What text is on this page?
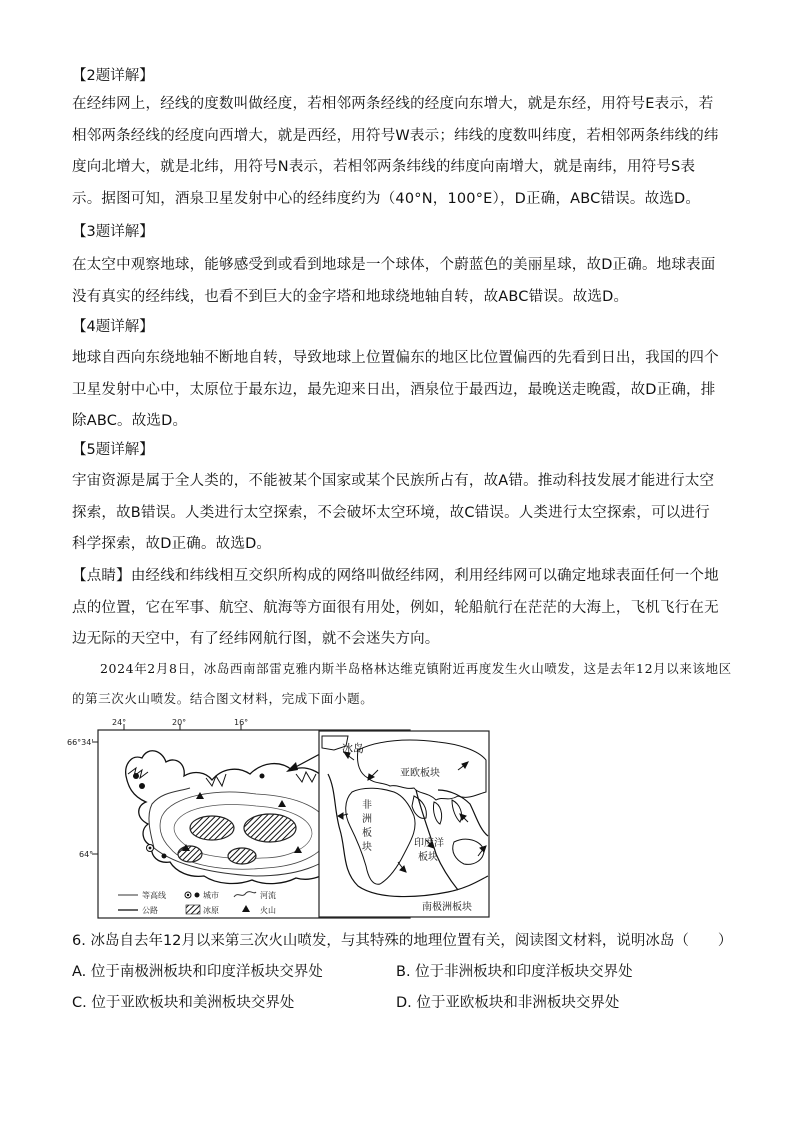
【2题详解】
在经纬网上，经线的度数叫做经度，若相邻两条经线的经度向东增大，就是东经，用符号E表示，若相邻两条经线的经度向西增大，就是西经，用符号W表示；纬线的度数叫纬度，若相邻两条纬线的纬度向北增大，就是北纬，用符号N表示，若相邻两条纬线的纬度向南增大，就是南纬，用符号S表示。据图可知，酒泉卫星发射中心的经纬度约为（40°N，100°E），D正确，ABC错误。故选D。
【3题详解】
在太空中观察地球，能够感受到或看到地球是一个球体，个蔚蓝色的美丽星球，故D正确。地球表面没有真实的经纬线，也看不到巨大的金字塔和地球绕地轴自转，故ABC错误。故选D。
【4题详解】
地球自西向东绕地轴不断地自转，导致地球上位置偏东的地区比位置偏西的先看到日出，我国的四个卫星发射中心中，太原位于最东边，最先迎来日出，酒泉位于最西边，最晚送走晚霞，故D正确，排除ABC。故选D。
【5题详解】
宇宙资源是属于全人类的，不能被某个国家或某个民族所占有，故A错。推动科技发展才能进行太空探索，故B错误。人类进行太空探索，不会破坏太空环境，故C错误。人类进行太空探索，可以进行科学探索，故D正确。故选D。
【点睛】由经线和纬线相互交织所构成的网络叫做经纬网，利用经纬网可以确定地球表面任何一个地点的位置，它在军事、航空、航海等方面很有用处，例如，轮船航行在茫茫的大海上，飞机飞行在无边无际的天空中，有了经纬网航行图，就不会迷失方向。
2024年2月8日，冰岛西南部雷克雅内斯半岛格林达维克镇附近再度发生火山喷发，这是去年12月以来该地区的第三次火山喷发。结合图文材料，完成下面小题。
24°	20°	16°
66°34'
64°
等高线	城市	河流
公路	冰原	火山
冰岛
亚欧板块
非
洲
板
块	印度洋
板块
南极洲板块
6. 冰岛自去年12月以来第三次火山喷发，与其特殊的地理位置有关，阅读图文材料，说明冰岛（　　）
A. 位于南极洲板块和印度洋板块交界处	B. 位于非洲板块和印度洋板块交界处
C. 位于亚欧板块和美洲板块交界处	D. 位于亚欧板块和非洲板块交界处
